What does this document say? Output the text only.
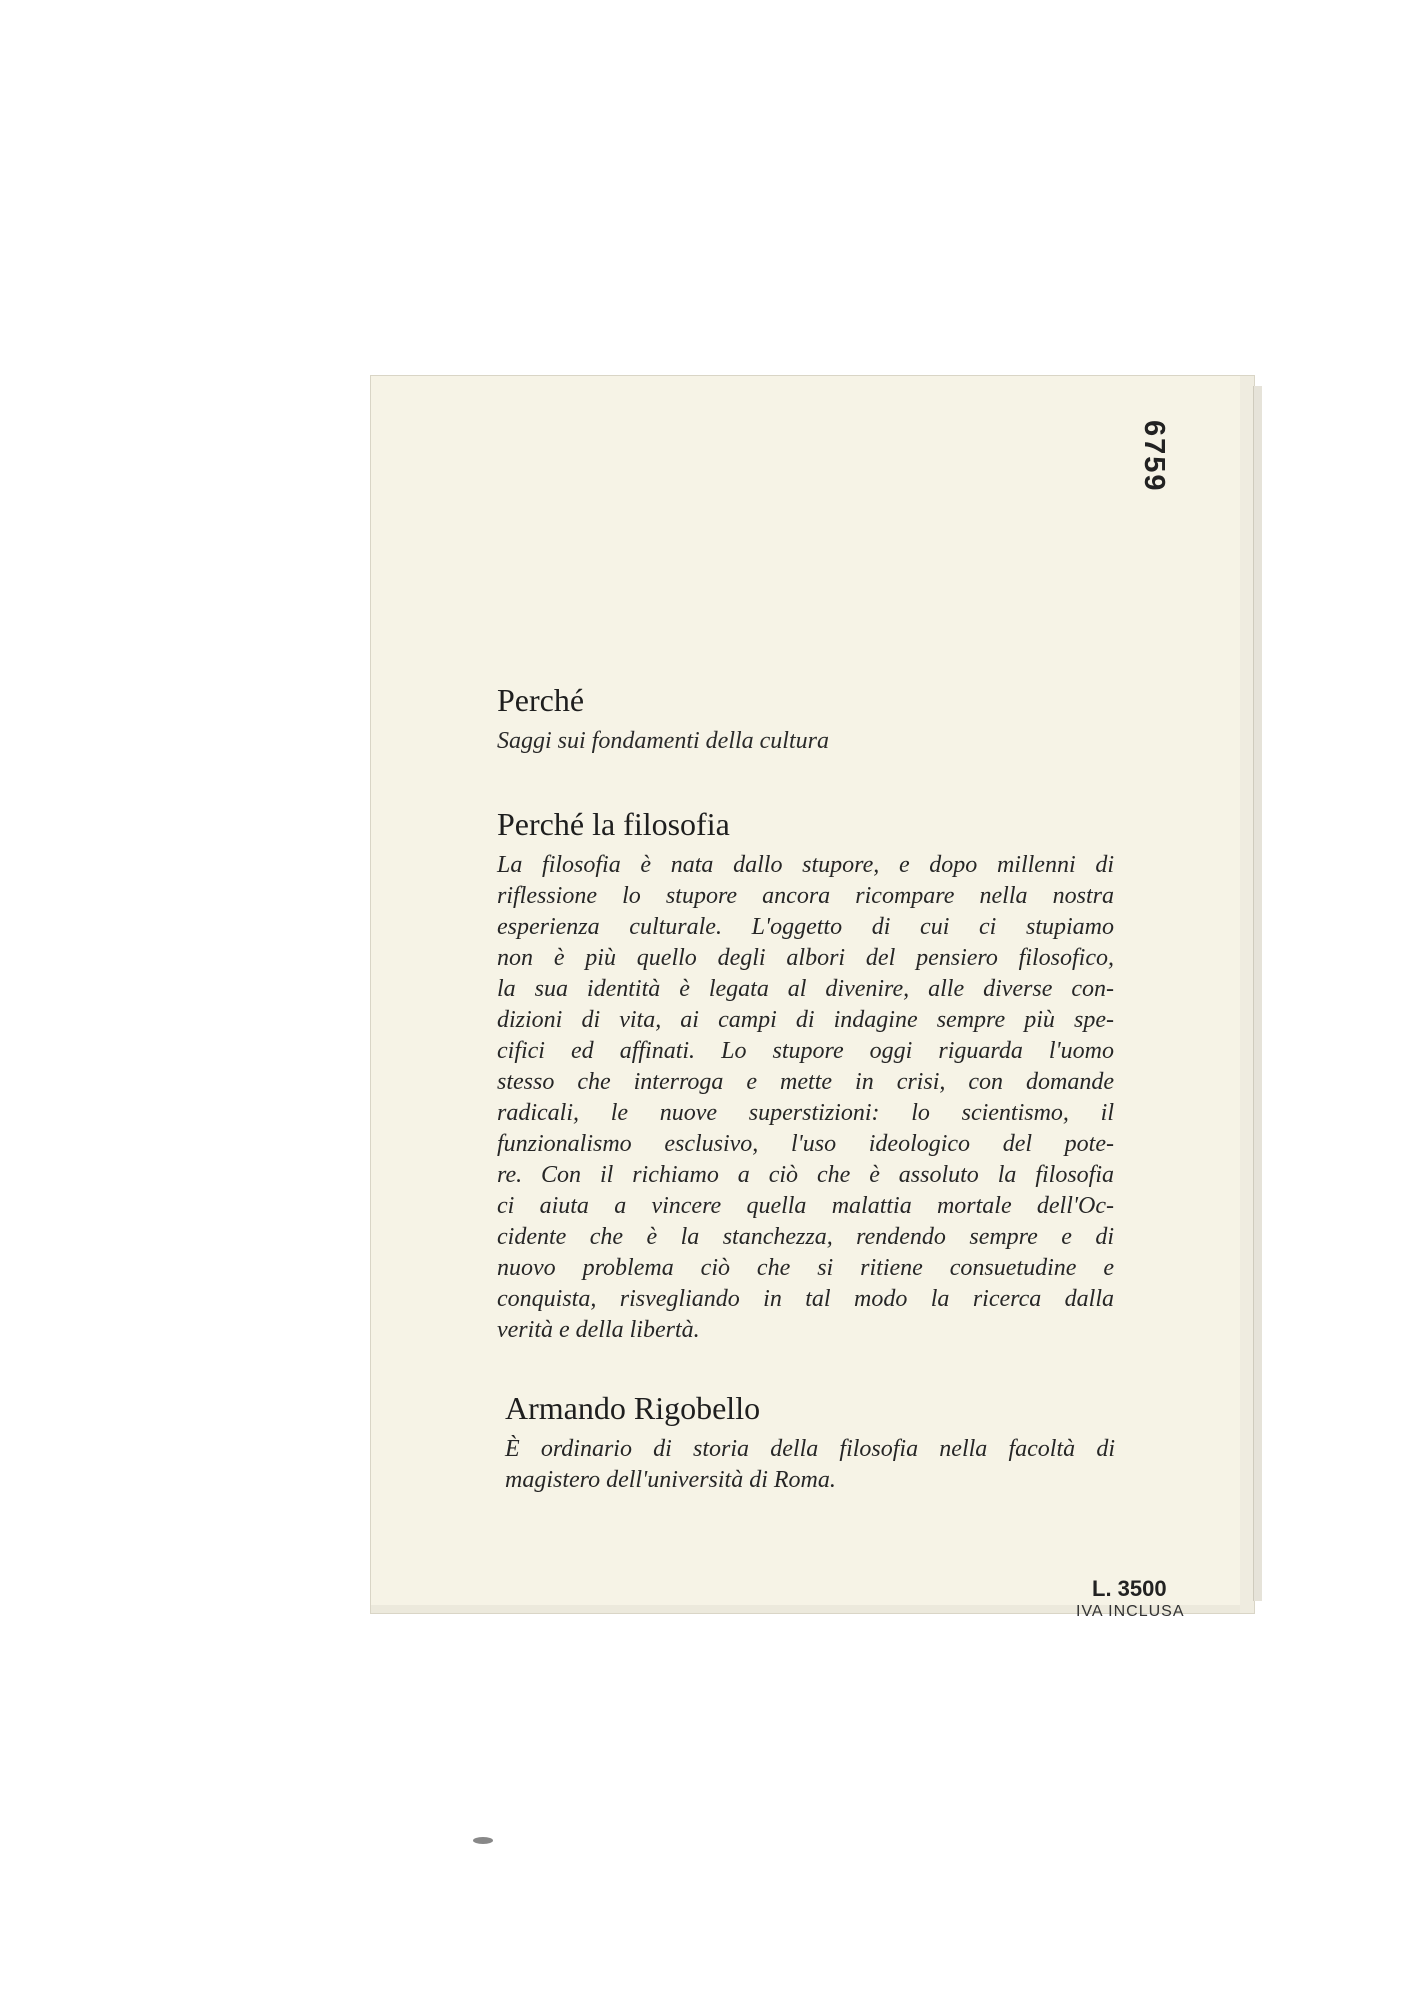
6759
Perché
Saggi sui fondamenti della cultura
Perché la filosofia

La filosofia è nata dallo stupore, e dopo millenni di
riflessione lo stupore ancora ricompare nella nostra
esperienza culturale. L'oggetto di cui ci stupiamo
non è più quello degli albori del pensiero filosofico,
la sua identità è legata al divenire, alle diverse con-
dizioni di vita, ai campi di indagine sempre più spe-
cifici ed affinati. Lo stupore oggi riguarda l'uomo
stesso che interroga e mette in crisi, con domande
radicali, le nuove superstizioni: lo scientismo, il
funzionalismo esclusivo, l'uso ideologico del pote-
re. Con il richiamo a ciò che è assoluto la filosofia
ci aiuta a vincere quella malattia mortale dell'Oc-
cidente che è la stanchezza, rendendo sempre e di
nuovo problema ciò che si ritiene consuetudine e
conquista, risvegliando in tal modo la ricerca dalla
verità e della libertà.

Armando Rigobello

È ordinario di storia della filosofia nella facoltà di
magistero dell'università di Roma.

L. 3500
IVA INCLUSA
